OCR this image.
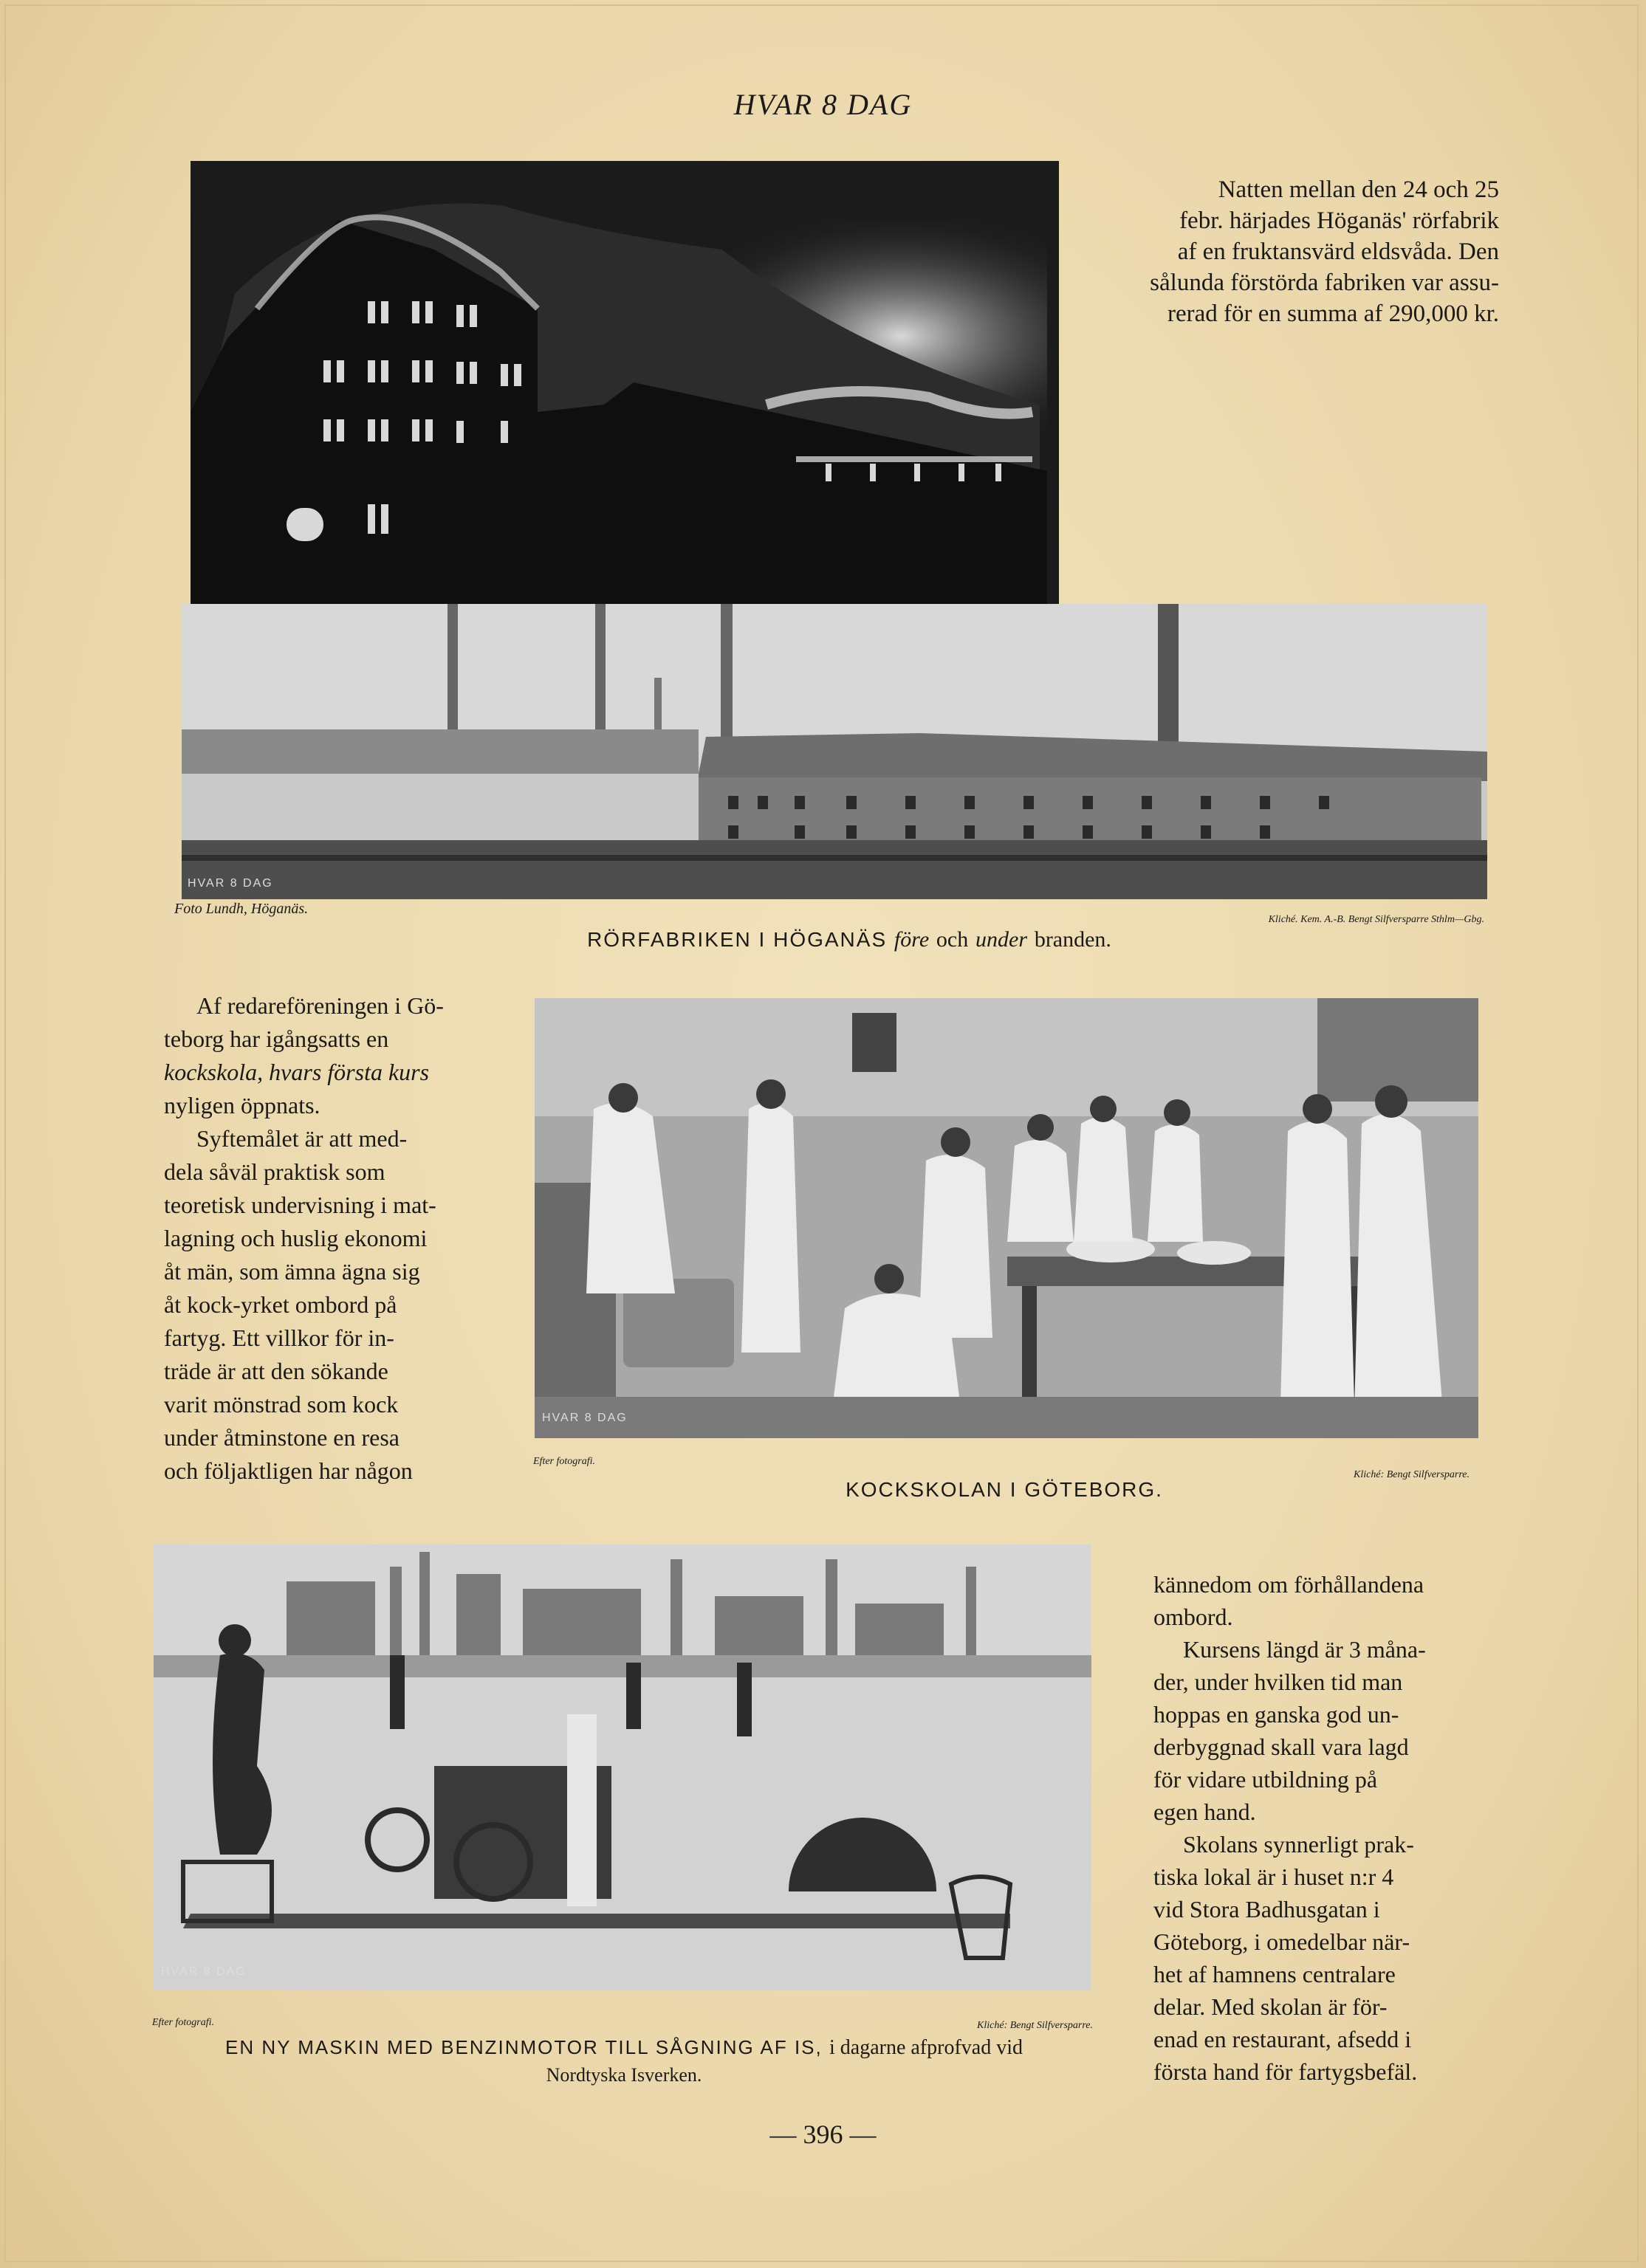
HVAR 8 DAG
Natten mellan den 24 och 25
febr. härjades Höganäs' rörfabrik
af en fruktansvärd eldsvåda. Den
sålunda förstörda fabriken var assu-
rerad för en summa af 290,000 kr.
HVAR 8 DAG
Foto Lundh, Höganäs.
Kliché. Kem. A.-B. Bengt Silfversparre Sthlm—Gbg.
RÖRFABRIKEN I HÖGANÄS före och under branden.
Af redareföreningen i Gö-
teborg har igångsatts en
kockskola, hvars första kurs
nyligen öppnats.
Syftemålet är att med-
dela såväl praktisk som
teoretisk undervisning i mat-
lagning och huslig ekonomi
åt män, som ämna ägna sig
åt kock-yrket ombord på
fartyg. Ett villkor för in-
träde är att den sökande
varit mönstrad som kock
under åtminstone en resa
och följaktligen har någon
HVAR 8 DAG
Efter fotografi.
Kliché: Bengt Silfversparre.
KOCKSKOLAN I GÖTEBORG.
HVAR 8 DAG
Efter fotografi.	Kliché: Bengt Silfversparre.
EN NY MASKIN MED BENZINMOTOR TILL SÅGNING AF IS, i dagarne afprofvad vid
Nordtyska Isverken.
kännedom om förhållandena
ombord.
Kursens längd är 3 måna-
der, under hvilken tid man
hoppas en ganska god un-
derbyggnad skall vara lagd
för vidare utbildning på
egen hand.
Skolans synnerligt prak-
tiska lokal är i huset n:r 4
vid Stora Badhusgatan i
Göteborg, i omedelbar när-
het af hamnens centralare
delar. Med skolan är för-
enad en restaurant, afsedd i
första hand för fartygsbefäl.
— 396 —
